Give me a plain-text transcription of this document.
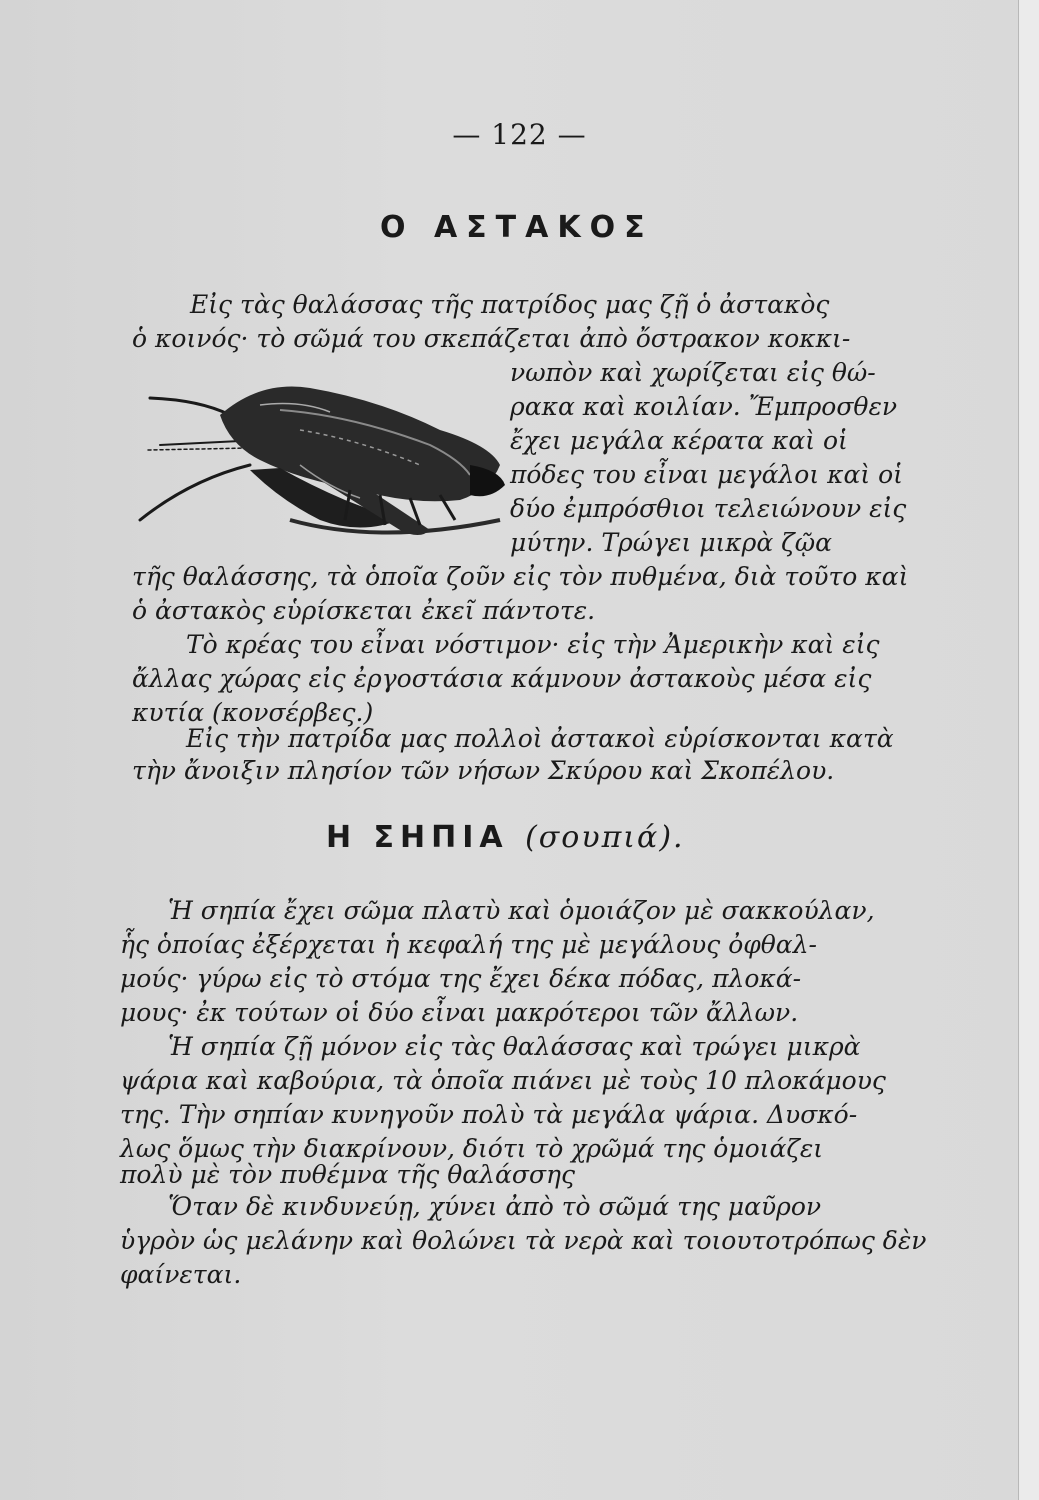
— 122 —
Ο ΑΣΤΑΚΟΣ
Εἰς τὰς θαλάσσας τῆς πατρίδος μας ζῇ ὁ ἀστακὸς
ὁ κοινός· τὸ σῶμά του σκεπάζεται ἀπὸ ὄστρακον κοκκι-
νωπὸν καὶ χωρίζεται εἰς θώ-
ρακα καὶ κοιλίαν. Ἔμπροσθεν
ἔχει μεγάλα κέρατα καὶ οἱ
πόδες του εἶναι μεγάλοι καὶ οἱ
δύο ἐμπρόσθιοι τελειώνουν εἰς
μύτην. Τρώγει μικρὰ ζῷα
τῆς θαλάσσης, τὰ ὁποῖα ζοῦν εἰς τὸν πυθμένα, διὰ τοῦτο καὶ
ὁ ἀστακὸς εὑρίσκεται ἐκεῖ πάντοτε.
Τὸ κρέας του εἶναι νόστιμον· εἰς τὴν Ἀμερικὴν καὶ εἰς
ἄλλας χώρας εἰς ἐργοστάσια κάμνουν ἀστακοὺς μέσα εἰς
κυτία (κονσέρβες.)
Εἰς τὴν πατρίδα μας πολλοὶ ἀστακοὶ εὑρίσκονται κατὰ
τὴν ἄνοιξιν πλησίον τῶν νήσων Σκύρου καὶ Σκοπέλου.
Η ΣΗΠΙΑ (σουπιά).
Ἡ σηπία ἔχει σῶμα πλατὺ καὶ ὁμοιάζον μὲ σακκούλαν,
ἧς ὁποίας ἐξέρχεται ἡ κεφαλή της μὲ μεγάλους ὀφθαλ-
μούς· γύρω εἰς τὸ στόμα της ἔχει δέκα πόδας, πλοκά-
μους· ἐκ τούτων οἱ δύο εἶναι μακρότεροι τῶν ἄλλων.
Ἡ σηπία ζῇ μόνον εἰς τὰς θαλάσσας καὶ τρώγει μικρὰ
ψάρια καὶ καβούρια, τὰ ὁποῖα πιάνει μὲ τοὺς 10 πλοκάμους
της. Τὴν σηπίαν κυνηγοῦν πολὺ τὰ μεγάλα ψάρια. Δυσκό-
λως ὅμως τὴν διακρίνουν, διότι τὸ χρῶμά της ὁμοιάζει
πολὺ μὲ τὸν πυθέμνα τῆς θαλάσσης
Ὅταν δὲ κινδυνεύῃ, χύνει ἀπὸ τὸ σῶμά της μαῦρον
ὑγρὸν ὡς μελάνην καὶ θολώνει τὰ νερὰ καὶ τοιουτοτρόπως δὲν
φαίνεται.
